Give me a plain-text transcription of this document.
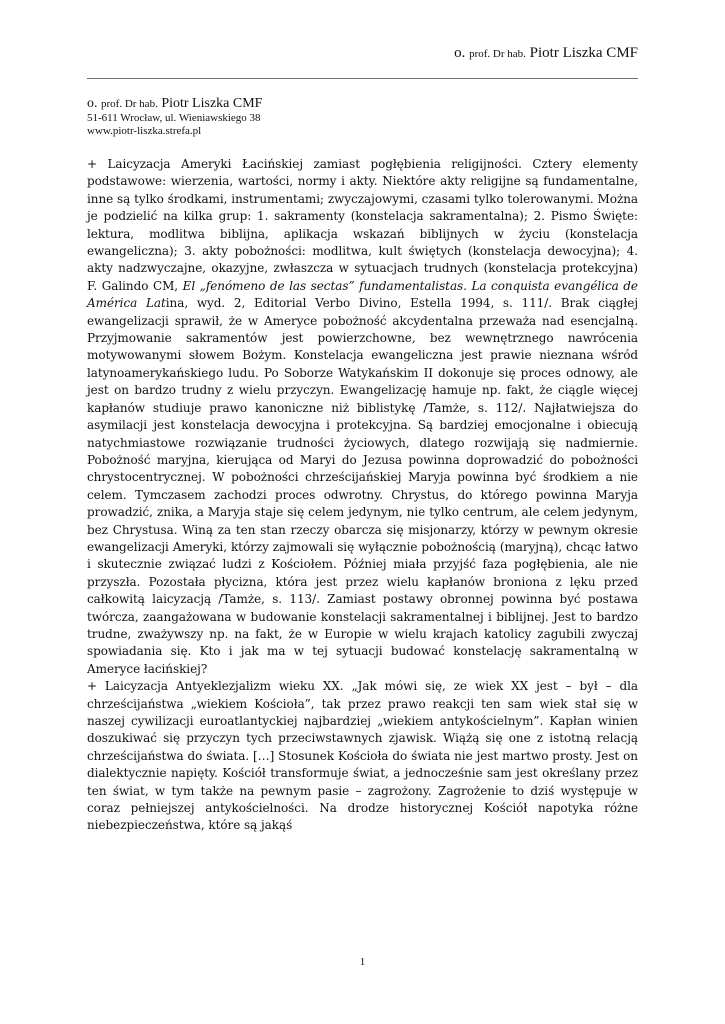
o. prof. Dr hab. Piotr Liszka CMF
o. prof. Dr hab. Piotr Liszka CMF
51-611 Wrocław, ul. Wieniawskiego 38
www.piotr-liszka.strefa.pl

+ Laicyzacja Ameryki Łacińskiej zamiast pogłębienia religijności. Cztery elementy podstawowe: wierzenia, wartości, normy i akty. Niektóre akty religijne są fundamentalne, inne są tylko środkami, instrumentami; zwyczajowymi, czasami tylko tolerowanymi. Można je podzielić na kilka grup: 1. sakramenty (konstelacja sakramentalna); 2. Pismo Święte: lektura, modlitwa biblijna, aplikacja wskazań biblijnych w życiu (konstelacja ewangeliczna); 3. akty pobożności: modlitwa, kult świętych (konstelacja dewocyjna); 4. akty nadzwyczajne, okazyjne, zwłaszcza w sytuacjach trudnych (konstelacja protekcyjna) F. Galindo CM, El „fenómeno de las sectas” fundamentalistas. La conquista evangélica de América Latina, wyd. 2, Editorial Verbo Divino, Estella 1994, s. 111/. Brak ciągłej ewangelizacji sprawił, że w Ameryce pobożność akcydentalna przeważa nad esencjalną. Przyjmowanie sakramentów jest powierzchowne, bez wewnętrznego nawrócenia motywowanymi słowem Bożym. Konstelacja ewangeliczna jest prawie nieznana wśród latynoamerykańskiego ludu. Po Soborze Watykańskim II dokonuje się proces odnowy, ale jest on bardzo trudny z wielu przyczyn. Ewangelizację hamuje np. fakt, że ciągle więcej kapłanów studiuje prawo kanoniczne niż biblistykę /Tamże, s. 112/. Najłatwiejsza do asymilacji jest konstelacja dewocyjna i protekcyjna. Są bardziej emocjonalne i obiecują natychmiastowe rozwiązanie trudności życiowych, dlatego rozwijają się nadmiernie. Pobożność maryjna, kierująca od Maryi do Jezusa powinna doprowadzić do pobożności chrystocentrycznej. W pobożności chrześcijańskiej Maryja powinna być środkiem a nie celem. Tymczasem zachodzi proces odwrotny. Chrystus, do którego powinna Maryja prowadzić, znika, a Maryja staje się celem jedynym, nie tylko centrum, ale celem jedynym, bez Chrystusa. Winą za ten stan rzeczy obarcza się misjonarzy, którzy w pewnym okresie ewangelizacji Ameryki, którzy zajmowali się wyłącznie pobożnością (maryjną), chcąc łatwo i skutecznie związać ludzi z Kościołem. Później miała przyjść faza pogłębienia, ale nie przyszła. Pozostała płycizna, która jest przez wielu kapłanów broniona z lęku przed całkowitą laicyzacją /Tamże, s. 113/. Zamiast postawy obronnej powinna być postawa twórcza, zaangażowana w budowanie konstelacji sakramentalnej i biblijnej. Jest to bardzo trudne, zważywszy np. na fakt, że w Europie w wielu krajach katolicy zagubili zwyczaj spowiadania się. Kto i jak ma w tej sytuacji budować konstelację sakramentalną w Ameryce łacińskiej?

+ Laicyzacja Antyeklezjalizm wieku XX. „Jak mówi się, ze wiek XX jest – był – dla chrześcijaństwa „wiekiem Kościoła”, tak przez prawo reakcji ten sam wiek stał się w naszej cywilizacji euroatlantyckiej najbardziej „wiekiem antykościelnym”. Kapłan winien doszukiwać się przyczyn tych przeciwstawnych zjawisk. Wiążą się one z istotną relacją chrześcijaństwa do świata. […] Stosunek Kościoła do świata nie jest martwo prosty. Jest on dialektycznie napięty. Kościół transformuje świat, a jednocześnie sam jest określany przez ten świat, w tym także na pewnym pasie – zagrożony. Zagrożenie to dziś występuje w coraz pełniejszej antykościelności. Na drodze historycznej Kościół napotyka różne niebezpieczeństwa, które są jakąś

1
